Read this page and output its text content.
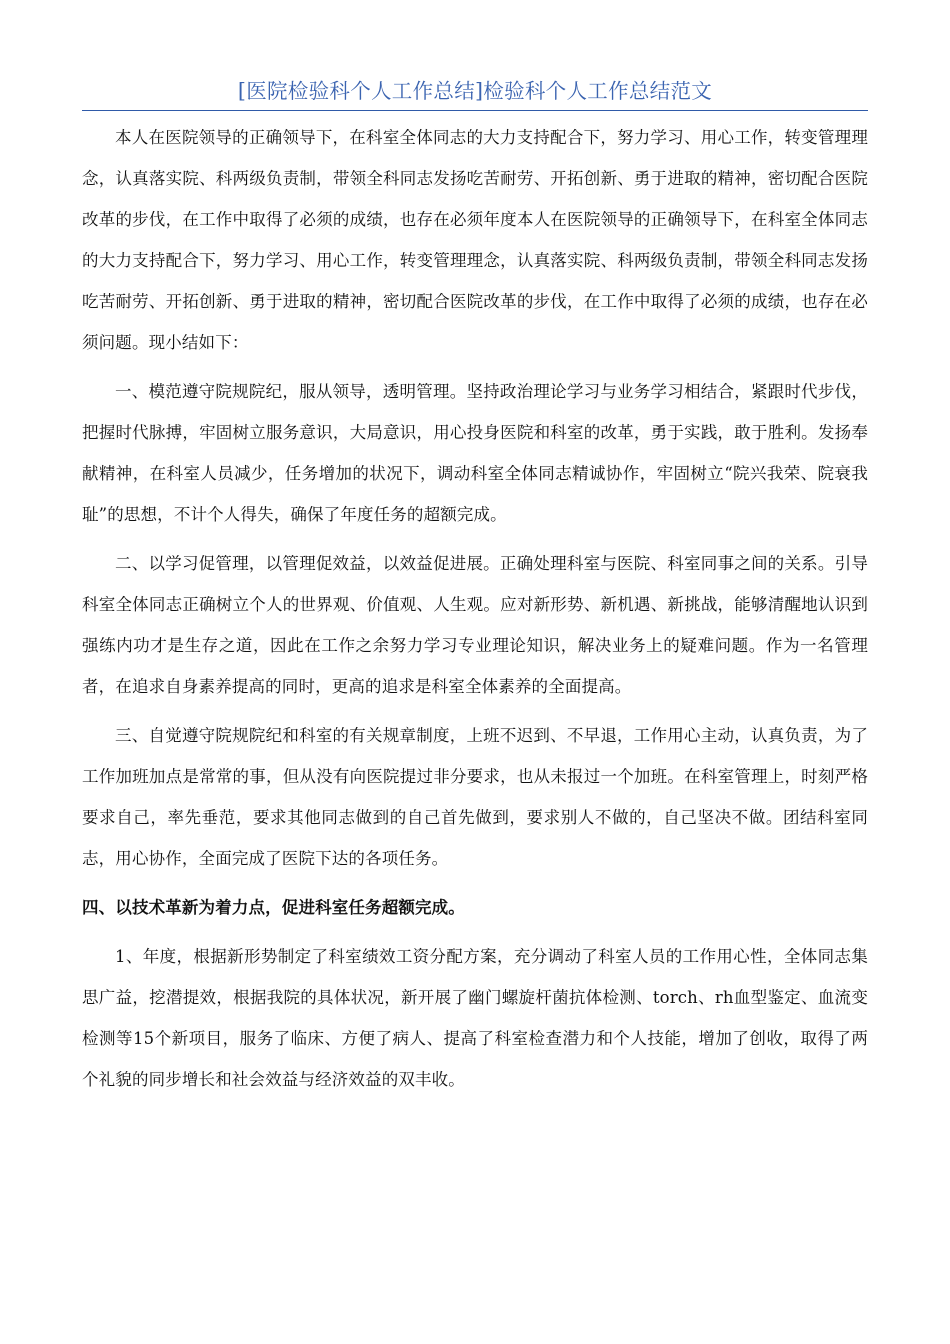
[医院检验科个人工作总结]检验科个人工作总结范文

本人在医院领导的正确领导下，在科室全体同志的大力支持配合下，努力学习、用心工作，转变管理理念，认真落实院、科两级负责制，带领全科同志发扬吃苦耐劳、开拓创新、勇于进取的精神，密切配合医院改革的步伐，在工作中取得了必须的成绩，也存在必须年度本人在医院领导的正确领导下，在科室全体同志的大力支持配合下，努力学习、用心工作，转变管理理念，认真落实院、科两级负责制，带领全科同志发扬吃苦耐劳、开拓创新、勇于进取的精神，密切配合医院改革的步伐，在工作中取得了必须的成绩，也存在必须问题。现小结如下：

一、模范遵守院规院纪，服从领导，透明管理。坚持政治理论学习与业务学习相结合，紧跟时代步伐，把握时代脉搏，牢固树立服务意识，大局意识，用心投身医院和科室的改革，勇于实践，敢于胜利。发扬奉献精神，在科室人员减少，任务增加的状况下，调动科室全体同志精诚协作，牢固树立“院兴我荣、院衰我耻”的思想，不计个人得失，确保了年度任务的超额完成。

二、以学习促管理，以管理促效益，以效益促进展。正确处理科室与医院、科室同事之间的关系。引导科室全体同志正确树立个人的世界观、价值观、人生观。应对新形势、新机遇、新挑战，能够清醒地认识到强练内功才是生存之道，因此在工作之余努力学习专业理论知识，解决业务上的疑难问题。作为一名管理者，在追求自身素养提高的同时，更高的追求是科室全体素养的全面提高。

三、自觉遵守院规院纪和科室的有关规章制度，上班不迟到、不早退，工作用心主动，认真负责，为了工作加班加点是常常的事，但从没有向医院提过非分要求，也从未报过一个加班。在科室管理上，时刻严格要求自己，率先垂范，要求其他同志做到的自己首先做到，要求别人不做的，自己坚决不做。团结科室同志，用心协作，全面完成了医院下达的各项任务。

四、以技术革新为着力点，促进科室任务超额完成。

1、年度，根据新形势制定了科室绩效工资分配方案，充分调动了科室人员的工作用心性，全体同志集思广益，挖潜提效，根据我院的具体状况，新开展了幽门螺旋杆菌抗体检测、torch、rh血型鉴定、血流变检测等15个新项目，服务了临床、方便了病人、提高了科室检查潜力和个人技能，增加了创收，取得了两个礼貌的同步增长和社会效益与经济效益的双丰收。
